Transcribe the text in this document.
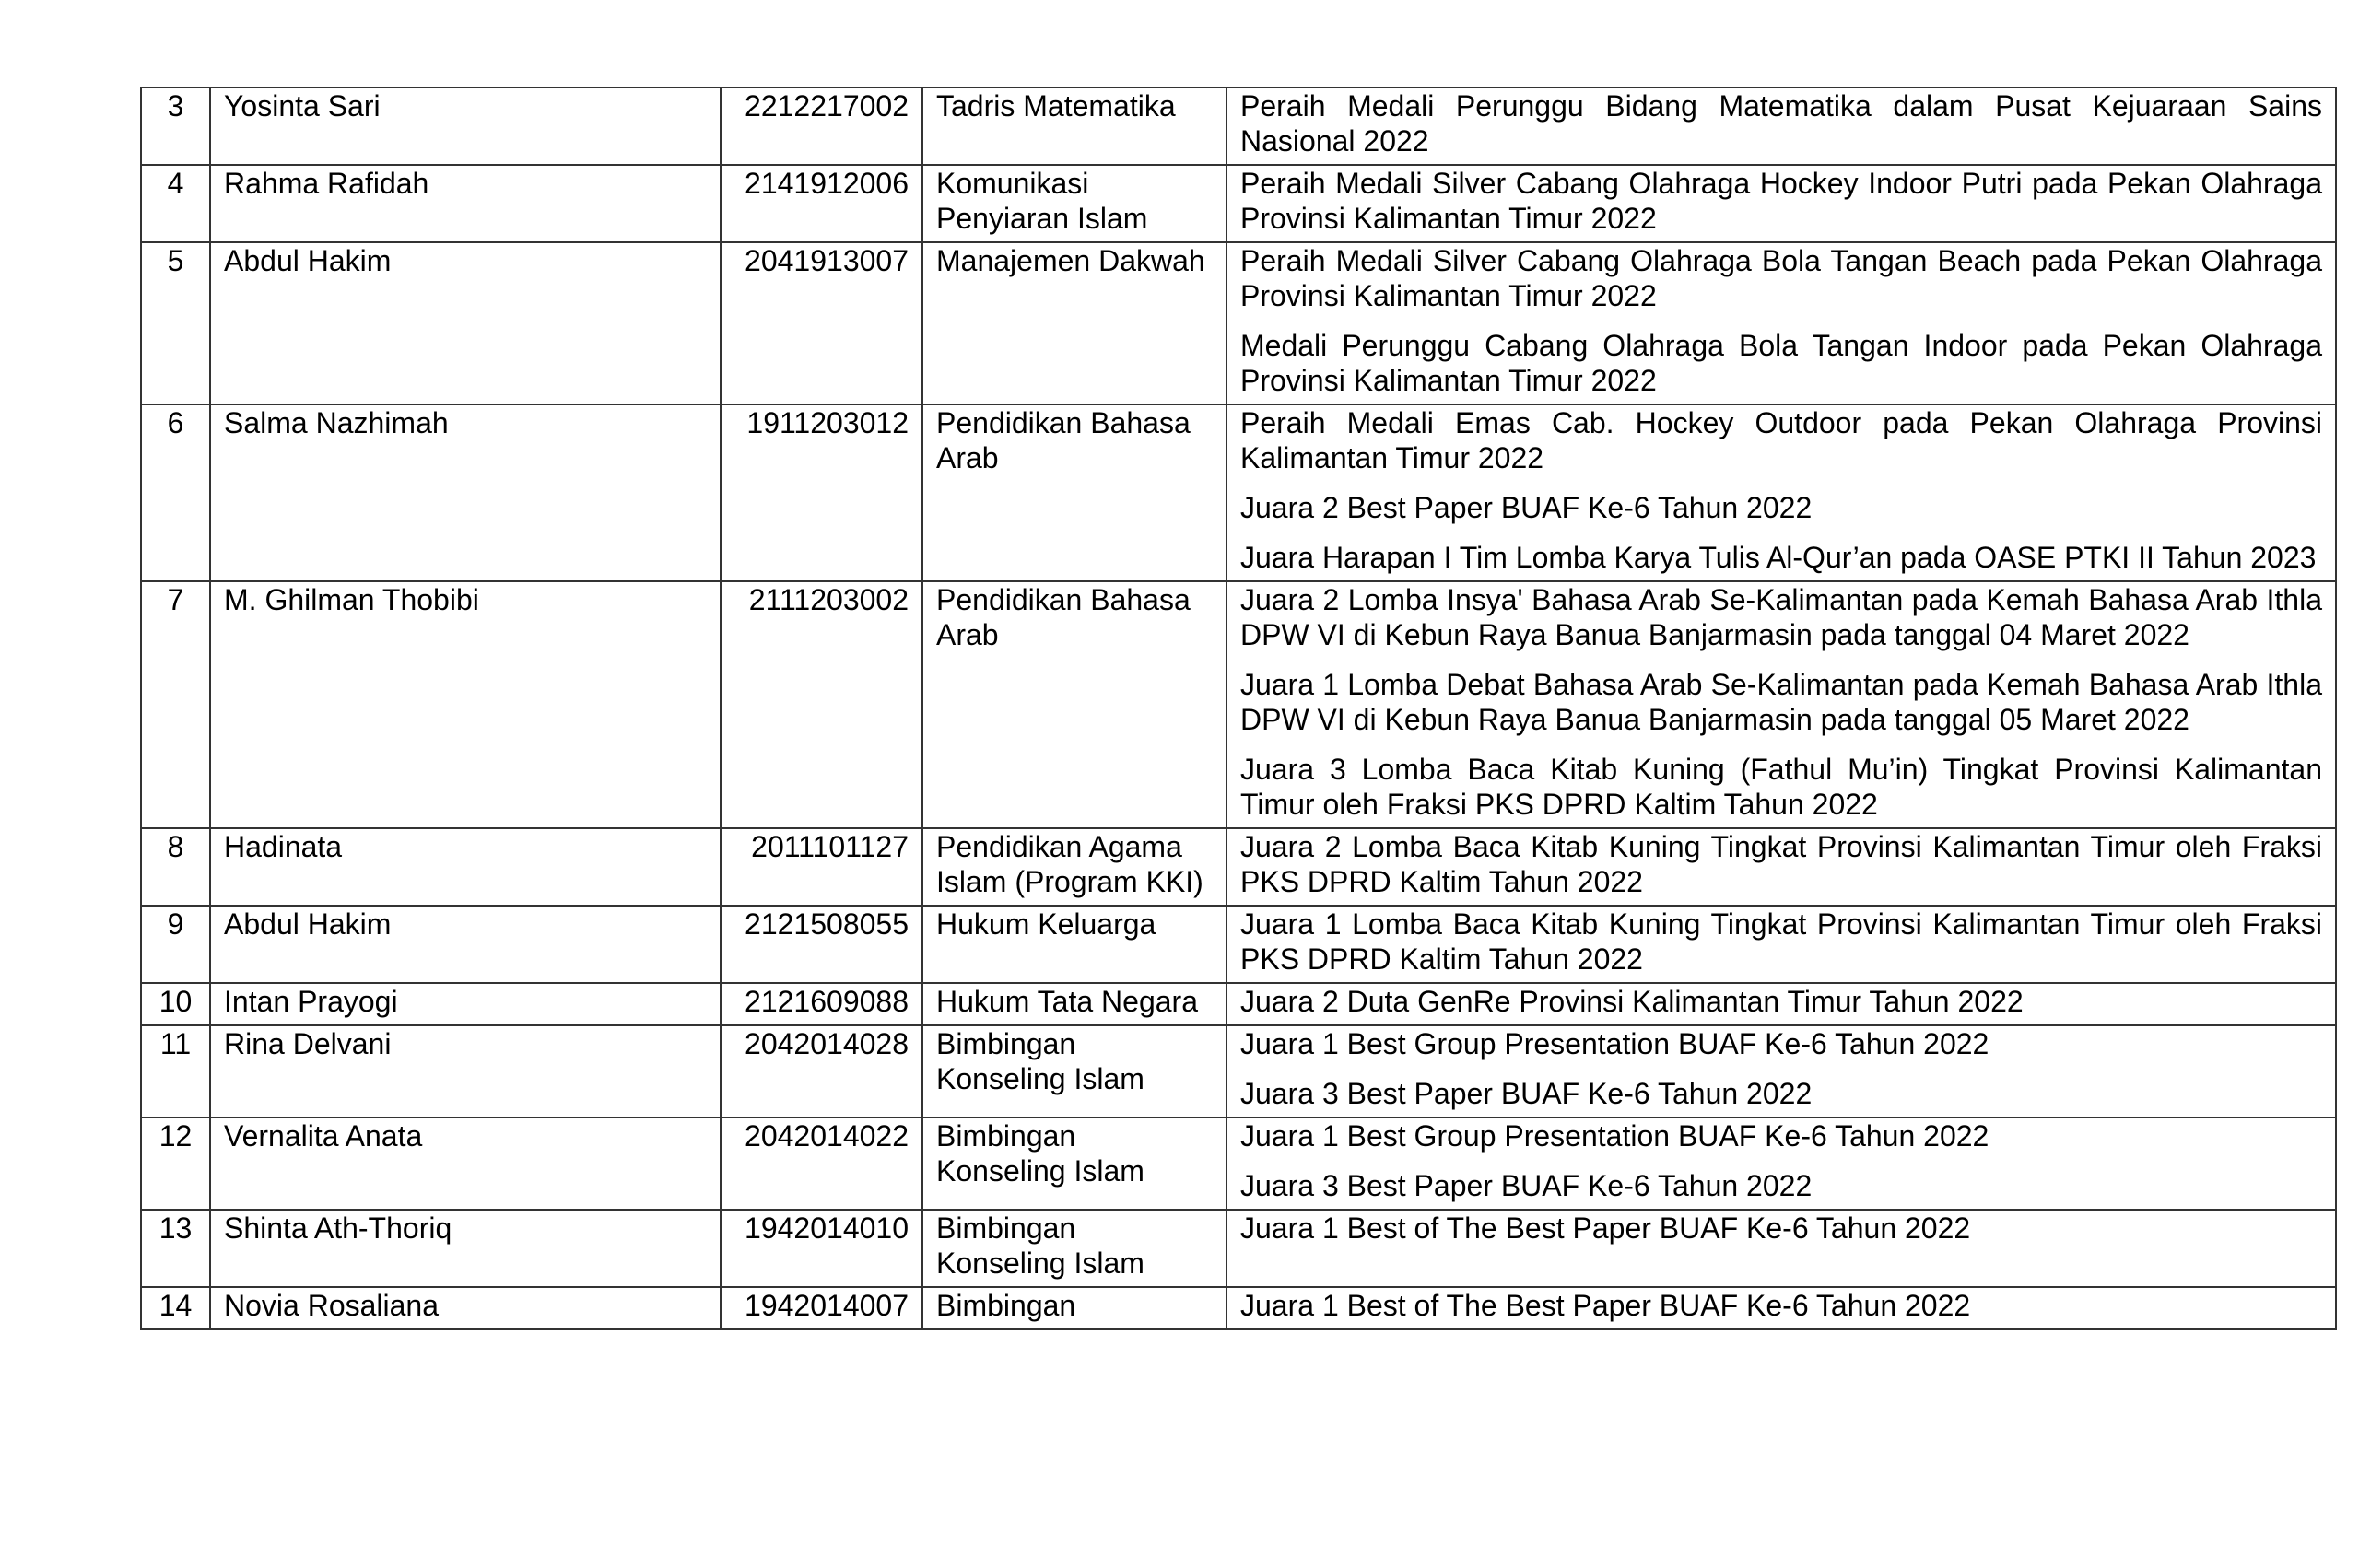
3	Yosinta Sari	2212217002	Tadris Matematika	Peraih Medali Perunggu Bidang Matematika dalam Pusat Kejuaraan Sains Nasional 2022

4	Rahma Rafidah	2141912006	Komunikasi Penyiaran Islam	Peraih Medali Silver Cabang Olahraga Hockey Indoor Putri pada Pekan Olahraga Provinsi Kalimantan Timur 2022

5	Abdul Hakim	2041913007	Manajemen Dakwah	Peraih Medali Silver Cabang Olahraga Bola Tangan Beach pada Pekan Olahraga Provinsi Kalimantan Timur 2022
Medali Perunggu Cabang Olahraga Bola Tangan Indoor pada Pekan Olahraga Provinsi Kalimantan Timur 2022

6	Salma Nazhimah	1911203012	Pendidikan Bahasa Arab	Peraih Medali Emas Cab. Hockey Outdoor pada Pekan Olahraga Provinsi Kalimantan Timur 2022
Juara 2 Best Paper BUAF Ke-6 Tahun 2022
Juara Harapan I Tim Lomba Karya Tulis Al-Qur’an pada OASE PTKI II Tahun 2023

7	M. Ghilman Thobibi	2111203002	Pendidikan Bahasa Arab	Juara 2 Lomba Insya' Bahasa Arab Se-Kalimantan pada Kemah Bahasa Arab Ithla DPW VI di Kebun Raya Banua Banjarmasin pada tanggal 04 Maret 2022
Juara 1 Lomba Debat Bahasa Arab Se-Kalimantan pada Kemah Bahasa Arab Ithla DPW VI di Kebun Raya Banua Banjarmasin pada tanggal 05 Maret 2022
Juara 3 Lomba Baca Kitab Kuning (Fathul Mu’in) Tingkat Provinsi Kalimantan Timur oleh Fraksi PKS DPRD Kaltim Tahun 2022

8	Hadinata	2011101127	Pendidikan Agama Islam (Program KKI)	Juara 2 Lomba Baca Kitab Kuning Tingkat Provinsi Kalimantan Timur oleh Fraksi PKS DPRD Kaltim Tahun 2022

9	Abdul Hakim	2121508055	Hukum Keluarga	Juara 1 Lomba Baca Kitab Kuning Tingkat Provinsi Kalimantan Timur oleh Fraksi PKS DPRD Kaltim Tahun 2022

10	Intan Prayogi	2121609088	Hukum Tata Negara	Juara 2 Duta GenRe Provinsi Kalimantan Timur Tahun 2022

11	Rina Delvani	2042014028	Bimbingan Konseling Islam	Juara 1 Best Group Presentation BUAF Ke-6 Tahun 2022
Juara 3 Best Paper BUAF Ke-6 Tahun 2022

12	Vernalita Anata	2042014022	Bimbingan Konseling Islam	Juara 1 Best Group Presentation BUAF Ke-6 Tahun 2022
Juara 3 Best Paper BUAF Ke-6 Tahun 2022

13	Shinta Ath-Thoriq	1942014010	Bimbingan Konseling Islam	Juara 1 Best of The Best Paper BUAF Ke-6 Tahun 2022

14	Novia Rosaliana	1942014007	Bimbingan	Juara 1 Best of The Best Paper BUAF Ke-6 Tahun 2022
